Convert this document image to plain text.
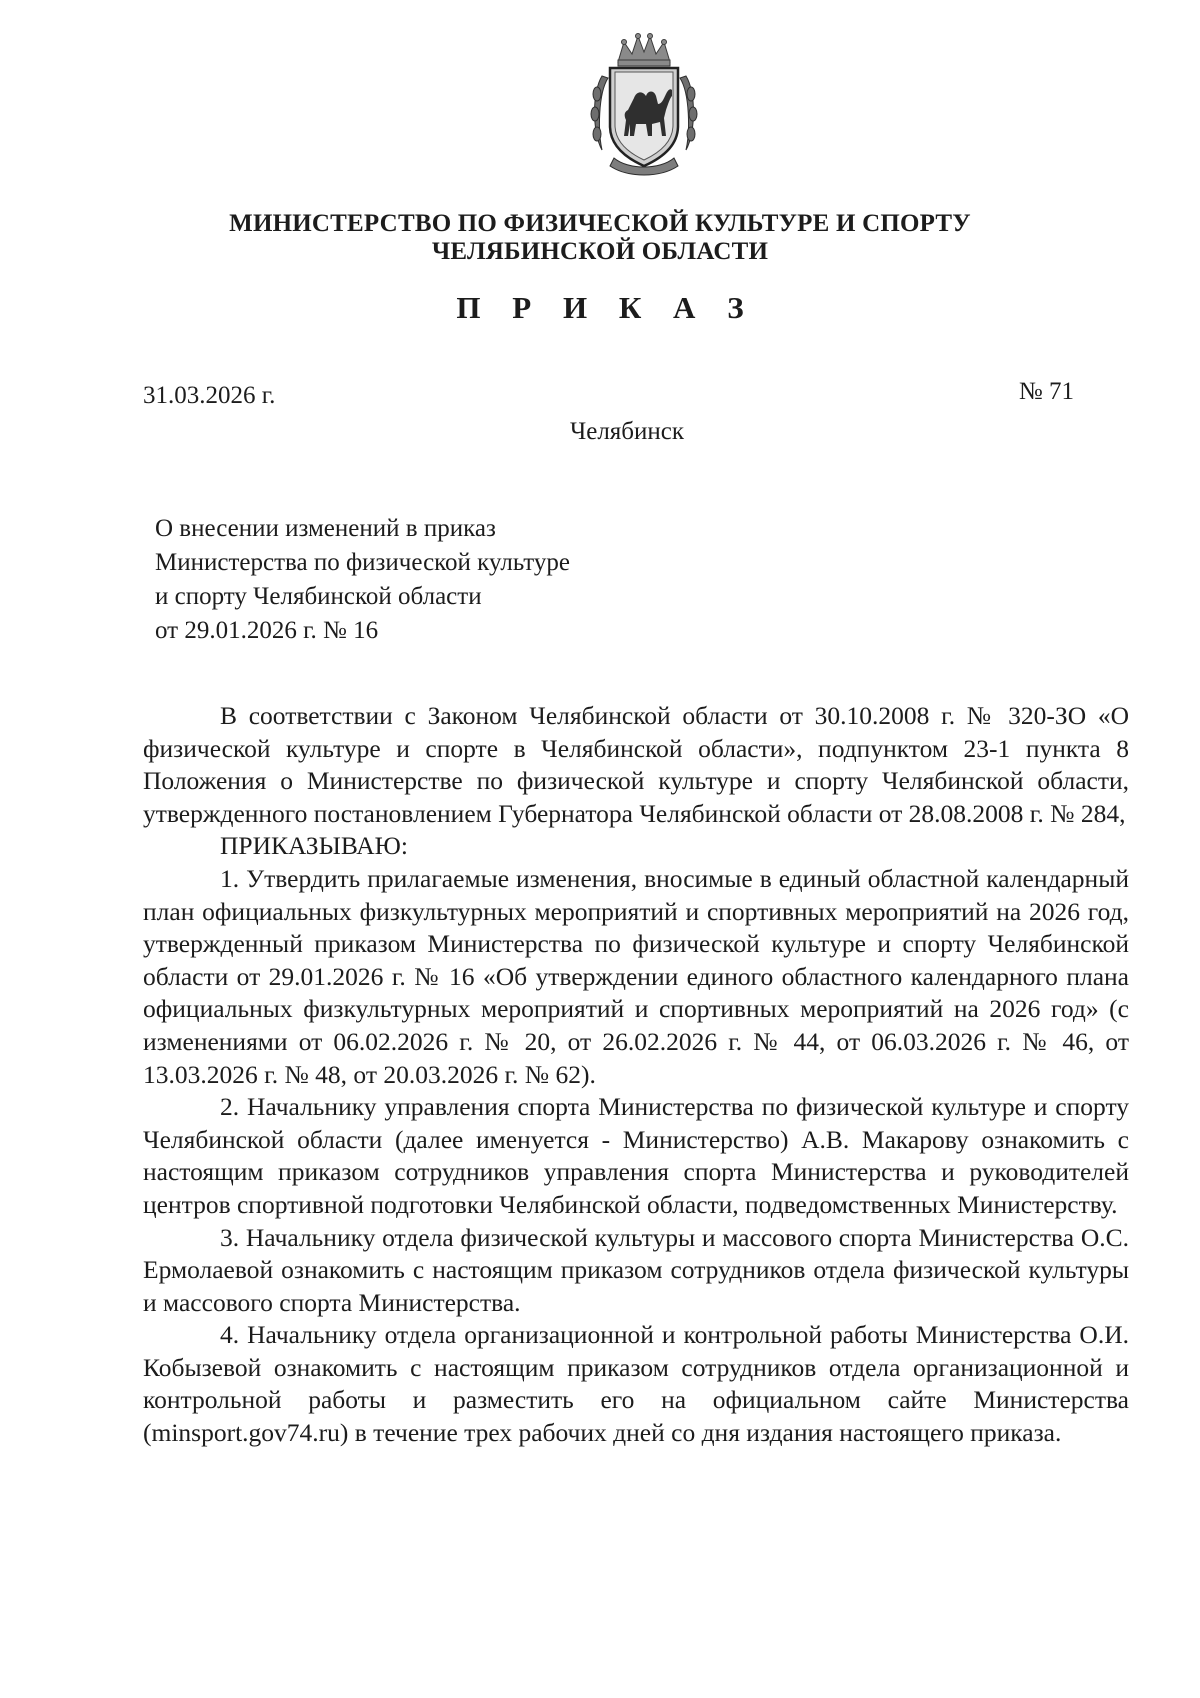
МИНИСТЕРСТВО ПО ФИЗИЧЕСКОЙ КУЛЬТУРЕ И СПОРТУ
ЧЕЛЯБИНСКОЙ ОБЛАСТИ
П Р И К А З
31.03.2026 г.	№ 71
Челябинск
О внесении изменений в приказ
Министерства по физической культуре
и спорту Челябинской области
от 29.01.2026 г. № 16

В соответствии с Законом Челябинской области от 30.10.2008 г. № 320-ЗО «О физической культуре и спорте в Челябинской области», подпунктом 23-1 пункта 8 Положения о Министерстве по физической культуре и спорту Челябинской области, утвержденного постановлением Губернатора Челябинской области от 28.08.2008 г. № 284,

ПРИКАЗЫВАЮ:

1. Утвердить прилагаемые изменения, вносимые в единый областной календарный план официальных физкультурных мероприятий и спортивных мероприятий на 2026 год, утвержденный приказом Министерства по физической культуре и спорту Челябинской области от 29.01.2026 г. № 16 «Об утверждении единого областного календарного плана официальных физкультурных мероприятий и спортивных мероприятий на 2026 год» (с изменениями от 06.02.2026 г. № 20, от 26.02.2026 г. № 44, от 06.03.2026 г. № 46, от 13.03.2026 г. № 48, от 20.03.2026 г. № 62).

2. Начальнику управления спорта Министерства по физической культуре и спорту Челябинской области (далее именуется - Министерство) А.В. Макарову ознакомить с настоящим приказом сотрудников управления спорта Министерства и руководителей центров спортивной подготовки Челябинской области, подведомственных Министерству.

3. Начальнику отдела физической культуры и массового спорта Министерства О.С. Ермолаевой ознакомить с настоящим приказом сотрудников отдела физической культуры и массового спорта Министерства.

4. Начальнику отдела организационной и контрольной работы Министерства О.И. Кобызевой ознакомить с настоящим приказом сотрудников отдела организационной и контрольной работы и разместить его на официальном сайте Министерства (minsport.gov74.ru) в течение трех рабочих дней со дня издания настоящего приказа.
